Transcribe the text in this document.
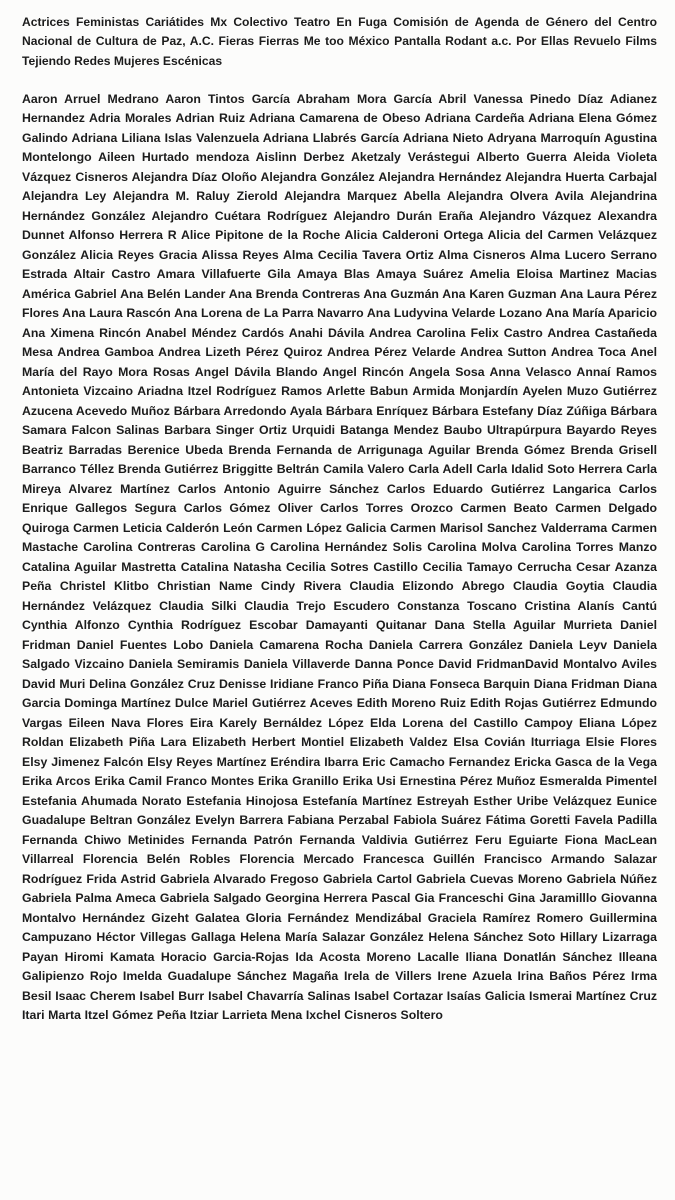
Actrices Feministas Cariátides Mx Colectivo Teatro En Fuga Comisión de Agenda de Género del Centro Nacional de Cultura de Paz, A.C. Fieras Fierras Me too México Pantalla Rodant a.c. Por Ellas Revuelo Films Tejiendo Redes Mujeres Escénicas

Aaron Arruel Medrano Aaron Tintos García Abraham Mora García Abril Vanessa Pinedo Díaz Adianez Hernandez Adria Morales Adrian Ruiz Adriana Camarena de Obeso Adriana Cardeña Adriana Elena Gómez Galindo Adriana Liliana Islas Valenzuela Adriana Llabrés García Adriana Nieto Adryana Marroquín Agustina Montelongo Aileen Hurtado mendoza Aislinn Derbez Aketzaly Verástegui Alberto Guerra Aleida Violeta Vázquez Cisneros Alejandra Díaz Oloño Alejandra González Alejandra Hernández Alejandra Huerta Carbajal Alejandra Ley Alejandra M. Raluy Zierold Alejandra Marquez Abella Alejandra Olvera Avila Alejandrina Hernández González Alejandro Cuétara Rodríguez Alejandro Durán Eraña Alejandro Vázquez Alexandra Dunnet Alfonso Herrera R Alice Pipitone de la Roche Alicia Calderoni Ortega Alicia del Carmen Velázquez González Alicia Reyes Gracia Alissa Reyes Alma Cecilia Tavera Ortiz Alma Cisneros Alma Lucero Serrano Estrada Altair Castro Amara Villafuerte Gila Amaya Blas Amaya Suárez Amelia Eloisa Martinez Macias América Gabriel Ana Belén Lander Ana Brenda Contreras Ana Guzmán Ana Karen Guzman Ana Laura Pérez Flores Ana Laura Rascón Ana Lorena de La Parra Navarro Ana Ludyvina Velarde Lozano Ana María Aparicio Ana Ximena Rincón Anabel Méndez Cardós Anahi Dávila Andrea Carolina Felix Castro Andrea Castañeda Mesa Andrea Gamboa Andrea Lizeth Pérez Quiroz Andrea Pérez Velarde Andrea Sutton Andrea Toca Anel María del Rayo Mora Rosas Angel Dávila Blando Angel Rincón Angela Sosa Anna Velasco Annaí Ramos Antonieta Vizcaino Ariadna Itzel Rodríguez Ramos Arlette Babun Armida Monjardín Ayelen Muzo Gutiérrez Azucena Acevedo Muñoz Bárbara Arredondo Ayala Bárbara Enríquez Bárbara Estefany Díaz Zúñiga Bárbara Samara Falcon Salinas Barbara Singer Ortiz Urquidi Batanga Mendez Baubo Ultrapúrpura Bayardo Reyes Beatriz Barradas Berenice Ubeda Brenda Fernanda de Arrigunaga Aguilar Brenda Gómez Brenda Grisell Barranco Téllez Brenda Gutiérrez Briggitte Beltrán Camila Valero Carla Adell Carla Idalid Soto Herrera Carla Mireya Alvarez Martínez Carlos Antonio Aguirre Sánchez Carlos Eduardo Gutiérrez Langarica Carlos Enrique Gallegos Segura Carlos Gómez Oliver Carlos Torres Orozco Carmen Beato Carmen Delgado Quiroga Carmen Leticia Calderón León Carmen López Galicia Carmen Marisol Sanchez Valderrama Carmen Mastache Carolina Contreras Carolina G Carolina Hernández Solis Carolina Molva Carolina Torres Manzo Catalina Aguilar Mastretta Catalina Natasha Cecilia Sotres Castillo Cecilia Tamayo Cerrucha Cesar Azanza Peña Christel Klitbo Christian Name Cindy Rivera Claudia Elizondo Abrego Claudia Goytia Claudia Hernández Velázquez Claudia Silki Claudia Trejo Escudero Constanza Toscano Cristina Alanís Cantú Cynthia Alfonzo Cynthia Rodríguez Escobar Damayanti Quitanar Dana Stella Aguilar Murrieta Daniel Fridman Daniel Fuentes Lobo Daniela Camarena Rocha Daniela Carrera González Daniela Leyv Daniela Salgado Vizcaino Daniela Semiramis Daniela Villaverde Danna Ponce David FridmanDavid Montalvo Aviles David Muri Delina González Cruz Denisse Iridiane Franco Piña Diana Fonseca Barquin Diana Fridman Diana Garcia Dominga Martínez Dulce Mariel Gutiérrez Aceves Edith Moreno Ruiz Edith Rojas Gutiérrez Edmundo Vargas Eileen Nava Flores Eira Karely Bernáldez López Elda Lorena del Castillo Campoy Eliana López Roldan Elizabeth Piña Lara Elizabeth Herbert Montiel Elizabeth Valdez Elsa Covián Iturriaga Elsie Flores Elsy Jimenez Falcón Elsy Reyes Martínez Eréndira Ibarra Eric Camacho Fernandez Ericka Gasca de la Vega Erika Arcos Erika Camil Franco Montes Erika Granillo Erika Usi Ernestina Pérez Muñoz Esmeralda Pimentel Estefania Ahumada Norato Estefania Hinojosa Estefanía Martínez Estreyah Esther Uribe Velázquez Eunice Guadalupe Beltran González Evelyn Barrera Fabiana Perzabal Fabiola Suárez Fátima Goretti Favela Padilla Fernanda Chiwo Metinides Fernanda Patrón Fernanda Valdivia Gutiérrez Feru Eguiarte Fiona MacLean Villarreal Florencia Belén Robles Florencia Mercado Francesca Guillén Francisco Armando Salazar Rodríguez Frida Astrid Gabriela Alvarado Fregoso Gabriela Cartol Gabriela Cuevas Moreno Gabriela Núñez Gabriela Palma Ameca Gabriela Salgado Georgina Herrera Pascal Gia Franceschi Gina Jaramilllo Giovanna Montalvo Hernández Gizeht Galatea Gloria Fernández Mendizábal Graciela Ramírez Romero Guillermina Campuzano Héctor Villegas Gallaga Helena María Salazar González Helena Sánchez Soto Hillary Lizarraga Payan Hiromi Kamata Horacio Garcia-Rojas Ida Acosta Moreno Lacalle Iliana Donatlán Sánchez Illeana Galipienzo Rojo Imelda Guadalupe Sánchez Magaña Irela de Villers Irene Azuela Irina Baños Pérez Irma Besil Isaac Cherem Isabel Burr Isabel Chavarría Salinas Isabel Cortazar Isaías Galicia Ismerai Martínez Cruz Itari Marta Itzel Gómez Peña Itziar Larrieta Mena Ixchel Cisneros Soltero
